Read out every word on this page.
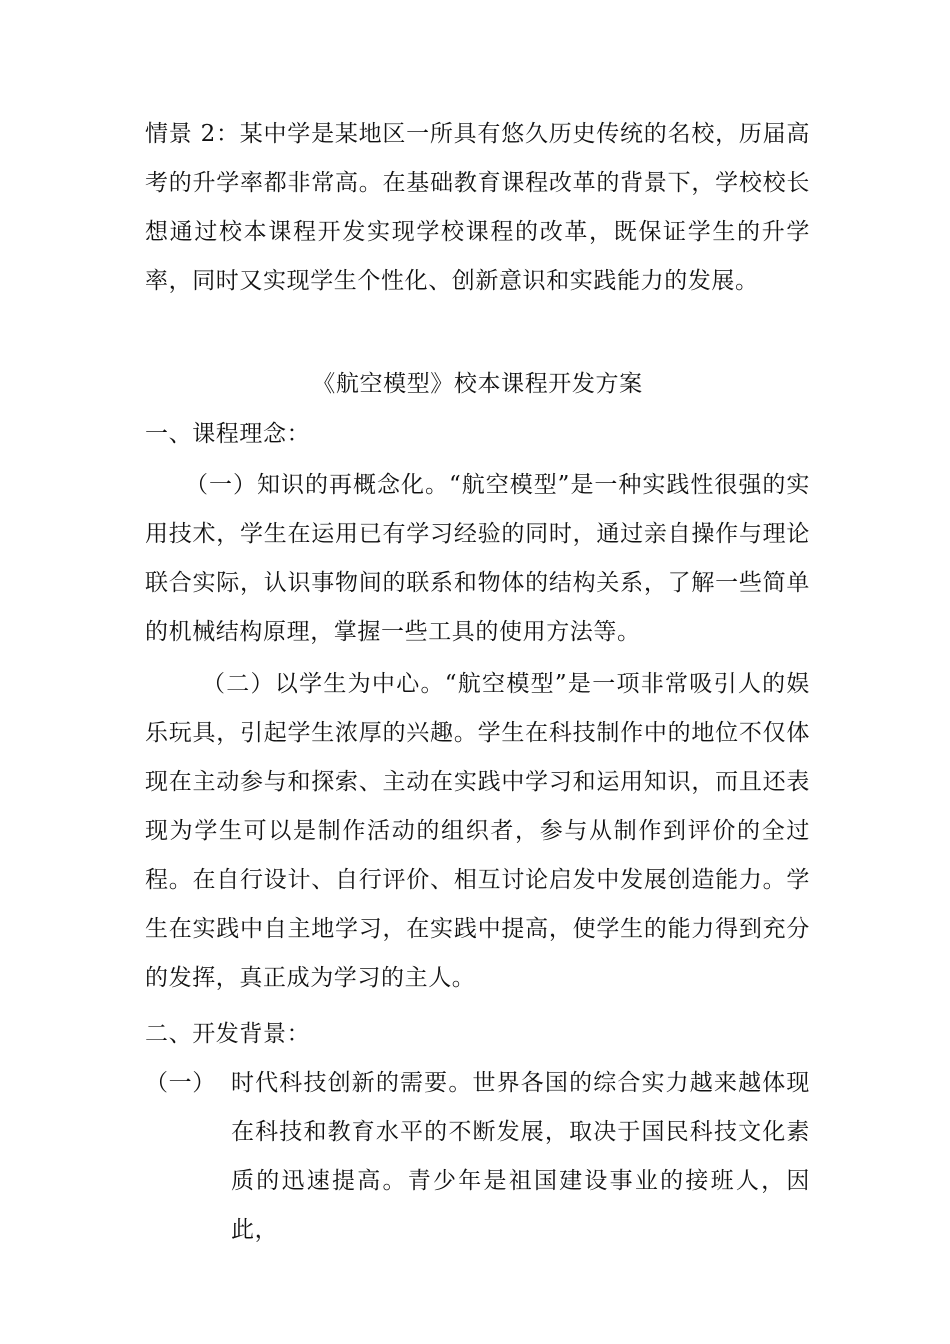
情景 2：某中学是某地区一所具有悠久历史传统的名校，历届高考的升学率都非常高。在基础教育课程改革的背景下，学校校长想通过校本课程开发实现学校课程的改革，既保证学生的升学率，同时又实现学生个性化、创新意识和实践能力的发展。

《航空模型》校本课程开发方案

一、课程理念：

（一）知识的再概念化。“航空模型”是一种实践性很强的实用技术，学生在运用已有学习经验的同时，通过亲自操作与理论联合实际，认识事物间的联系和物体的结构关系，了解一些简单的机械结构原理，掌握一些工具的使用方法等。

（二）以学生为中心。“航空模型”是一项非常吸引人的娱乐玩具，引起学生浓厚的兴趣。学生在科技制作中的地位不仅体现在主动参与和探索、主动在实践中学习和运用知识，而且还表现为学生可以是制作活动的组织者，参与从制作到评价的全过程。在自行设计、自行评价、相互讨论启发中发展创造能力。学生在实践中自主地学习，在实践中提高，使学生的能力得到充分的发挥，真正成为学习的主人。

二、开发背景：

（一） 时代科技创新的需要。世界各国的综合实力越来越体现在科技和教育水平的不断发展，取决于国民科技文化素质的迅速提高。青少年是祖国建设事业的接班人，因此，
